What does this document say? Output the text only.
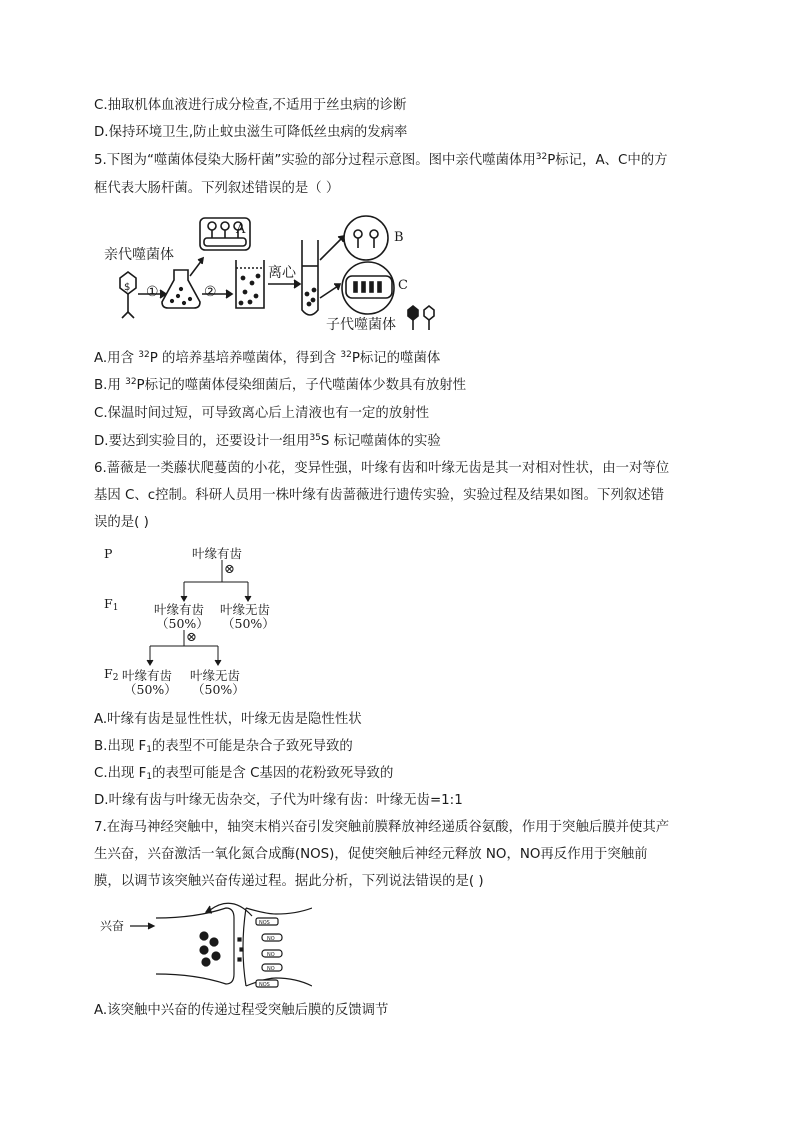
C.抽取机体血液进行成分检查,不适用于丝虫病的诊断
D.保持环境卫生,防止蚊虫滋生可降低丝虫病的发病率
5.下图为“噬菌体侵染大肠杆菌”实验的部分过程示意图。图中亲代噬菌体用$^{32}$P标记，A、C中的方
框代表大肠杆菌。下列叙述错误的是（ ）
$
亲代噬菌体
①	②
A
离心
B
C
子代噬菌体
A.用含 $^{32}$P 的培养基培养噬菌体，得到含 $^{32}$P标记的噬菌体
B.用 $^{32}$P标记的噬菌体侵染细菌后，子代噬菌体少数具有放射性
C.保温时间过短，可导致离心后上清液也有一定的放射性
D.要达到实验目的，还要设计一组用$^{35}$S 标记噬菌体的实验
6.蔷薇是一类藤状爬蔓茵的小花，变异性强，叶缘有齿和叶缘无齿是其一对相对性状，由一对等位
基因 C、c控制。科研人员用一株叶缘有齿蔷薇进行遗传实验，实验过程及结果如图。下列叙述错
误的是( )
P	叶缘有齿
⊗
$F_1$	叶缘有齿
（50%）
叶缘无齿
（50%）
⊗
$F_2$ 叶缘有齿
（50%）
叶缘无齿
（50%）
A.叶缘有齿是显性性状，叶缘无齿是隐性性状
B.出现 $F_1$的表型不可能是杂合子致死导致的
C.出现 $F_1$的表型可能是含 C基因的花粉致死导致的
D.叶缘有齿与叶缘无齿杂交，子代为叶缘有齿：叶缘无齿=1:1
7.在海马神经突触中，轴突末梢兴奋引发突触前膜释放神经递质谷氨酸，作用于突触后膜并使其产
生兴奋，兴奋激活一氧化氮合成酶(NOS)，促使突触后神经元释放 NO，NO再反作用于突触前
膜，以调节该突触兴奋传递过程。据此分析，下列说法错误的是( )
NOS
NO
NO
NO
NOS
兴奋
A.该突触中兴奋的传递过程受突触后膜的反馈调节
